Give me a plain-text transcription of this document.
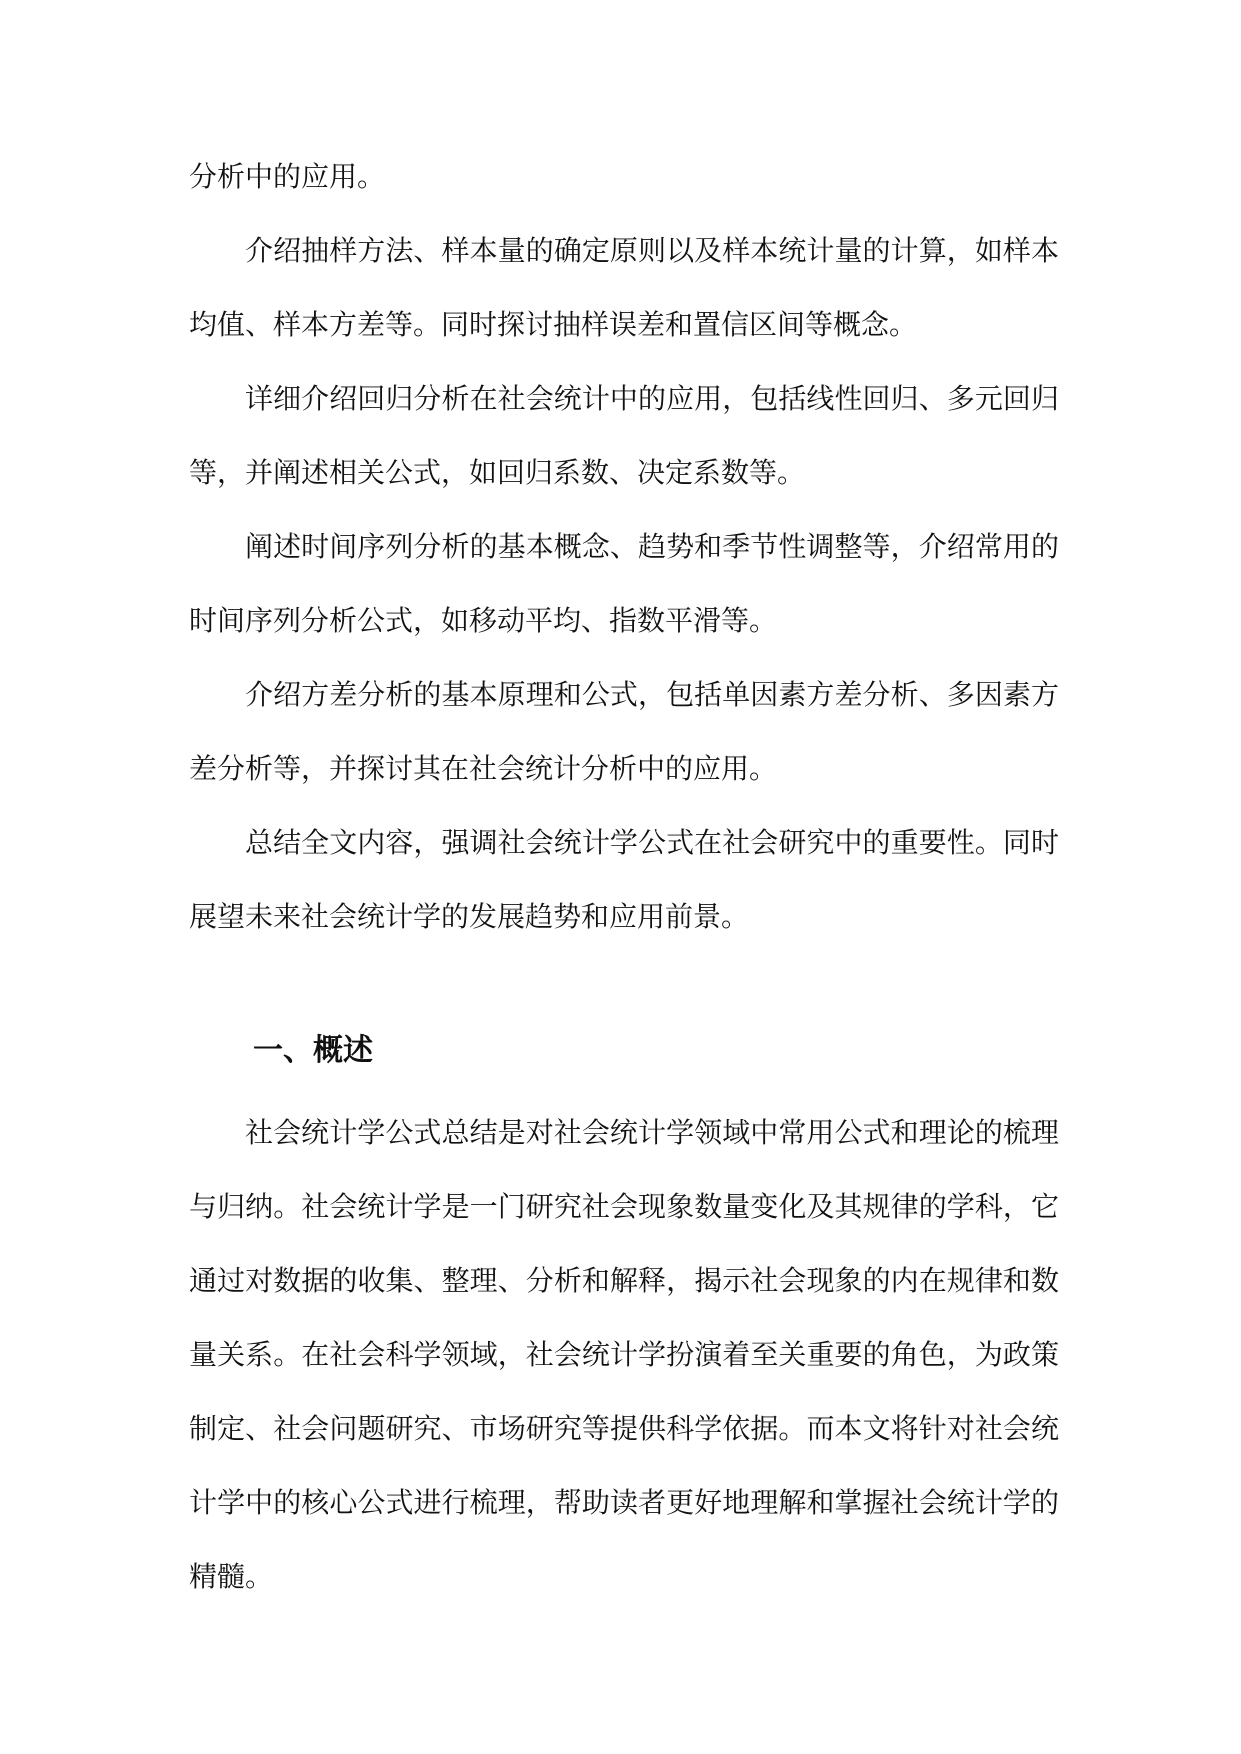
分析中的应用。

介绍抽样方法、样本量的确定原则以及样本统计量的计算，如样本均值、样本方差等。同时探讨抽样误差和置信区间等概念。

详细介绍回归分析在社会统计中的应用，包括线性回归、多元回归等，并阐述相关公式，如回归系数、决定系数等。

阐述时间序列分析的基本概念、趋势和季节性调整等，介绍常用的时间序列分析公式，如移动平均、指数平滑等。

介绍方差分析的基本原理和公式，包括单因素方差分析、多因素方差分析等，并探讨其在社会统计分析中的应用。

总结全文内容，强调社会统计学公式在社会研究中的重要性。同时展望未来社会统计学的发展趋势和应用前景。

一、概述

社会统计学公式总结是对社会统计学领域中常用公式和理论的梳理与归纳。社会统计学是一门研究社会现象数量变化及其规律的学科，它通过对数据的收集、整理、分析和解释，揭示社会现象的内在规律和数量关系。在社会科学领域，社会统计学扮演着至关重要的角色，为政策制定、社会问题研究、市场研究等提供科学依据。而本文将针对社会统计学中的核心公式进行梳理，帮助读者更好地理解和掌握社会统计学的精髓。
